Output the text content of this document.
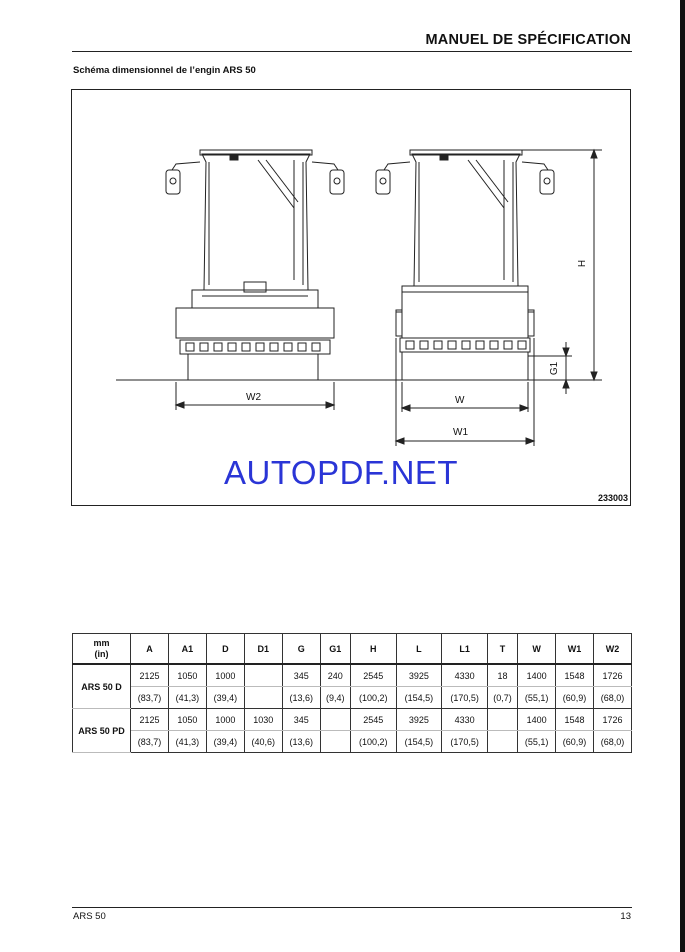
MANUEL DE SPÉCIFICATION
Schéma dimensionnel de l’engin ARS 50
W2	W
W1
H
G1
AUTOPDF.NET
233003
mm
(in)	A	A1	D	D1	G	G1	H	L	L1	T	W	W1	W2
ARS 50 D	2125	1050	1000		345	240	2545	3925	4330	18	1400	1548	1726
	(83,7)	(41,3)	(39,4)		(13,6)	(9,4)	(100,2)	(154,5)	(170,5)	(0,7)	(55,1)	(60,9)	(68,0)
ARS 50 PD	2125	1050	1000	1030	345		2545	3925	4330		1400	1548	1726
	(83,7)	(41,3)	(39,4)	(40,6)	(13,6)		(100,2)	(154,5)	(170,5)		(55,1)	(60,9)	(68,0)
ARS 50	13
